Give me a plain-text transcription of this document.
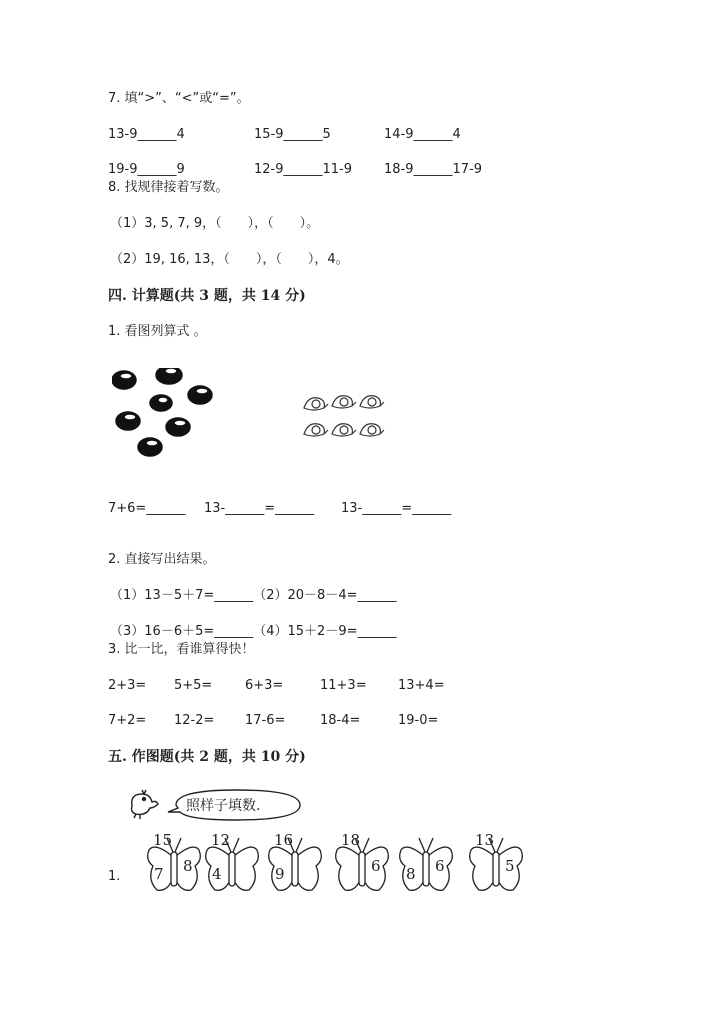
7. 填“>”、“<”或“=”。
13-9______4	15-9______5	14-9______4
19-9______9	12-9______11-9 18-9______17-9
8. 找规律接着写数。
（1）3, 5, 7, 9，（　　），（　　）。
（2）19, 16, 13，（　　），（　　），4。
四. 计算题(共 3 题，共 14 分)
1. 看图列算式 。
7+6=______ 13-______=______ 13-______=______
2. 直接写出结果。
（1）13－5＋7=______（2）20－8－4=______
（3）16－6＋5=______（4）15＋2－9=______
3. 比一比，看谁算得快！
2+3= 5+5=	6+3=	11+3= 13+4=
7+2= 12-2= 17-6=	18-4=	19-0=
五. 作图题(共 2 题，共 10 分)
照样子填数.
1.
15
7 8
12
4
16
9
18
6 8 6
13
5
